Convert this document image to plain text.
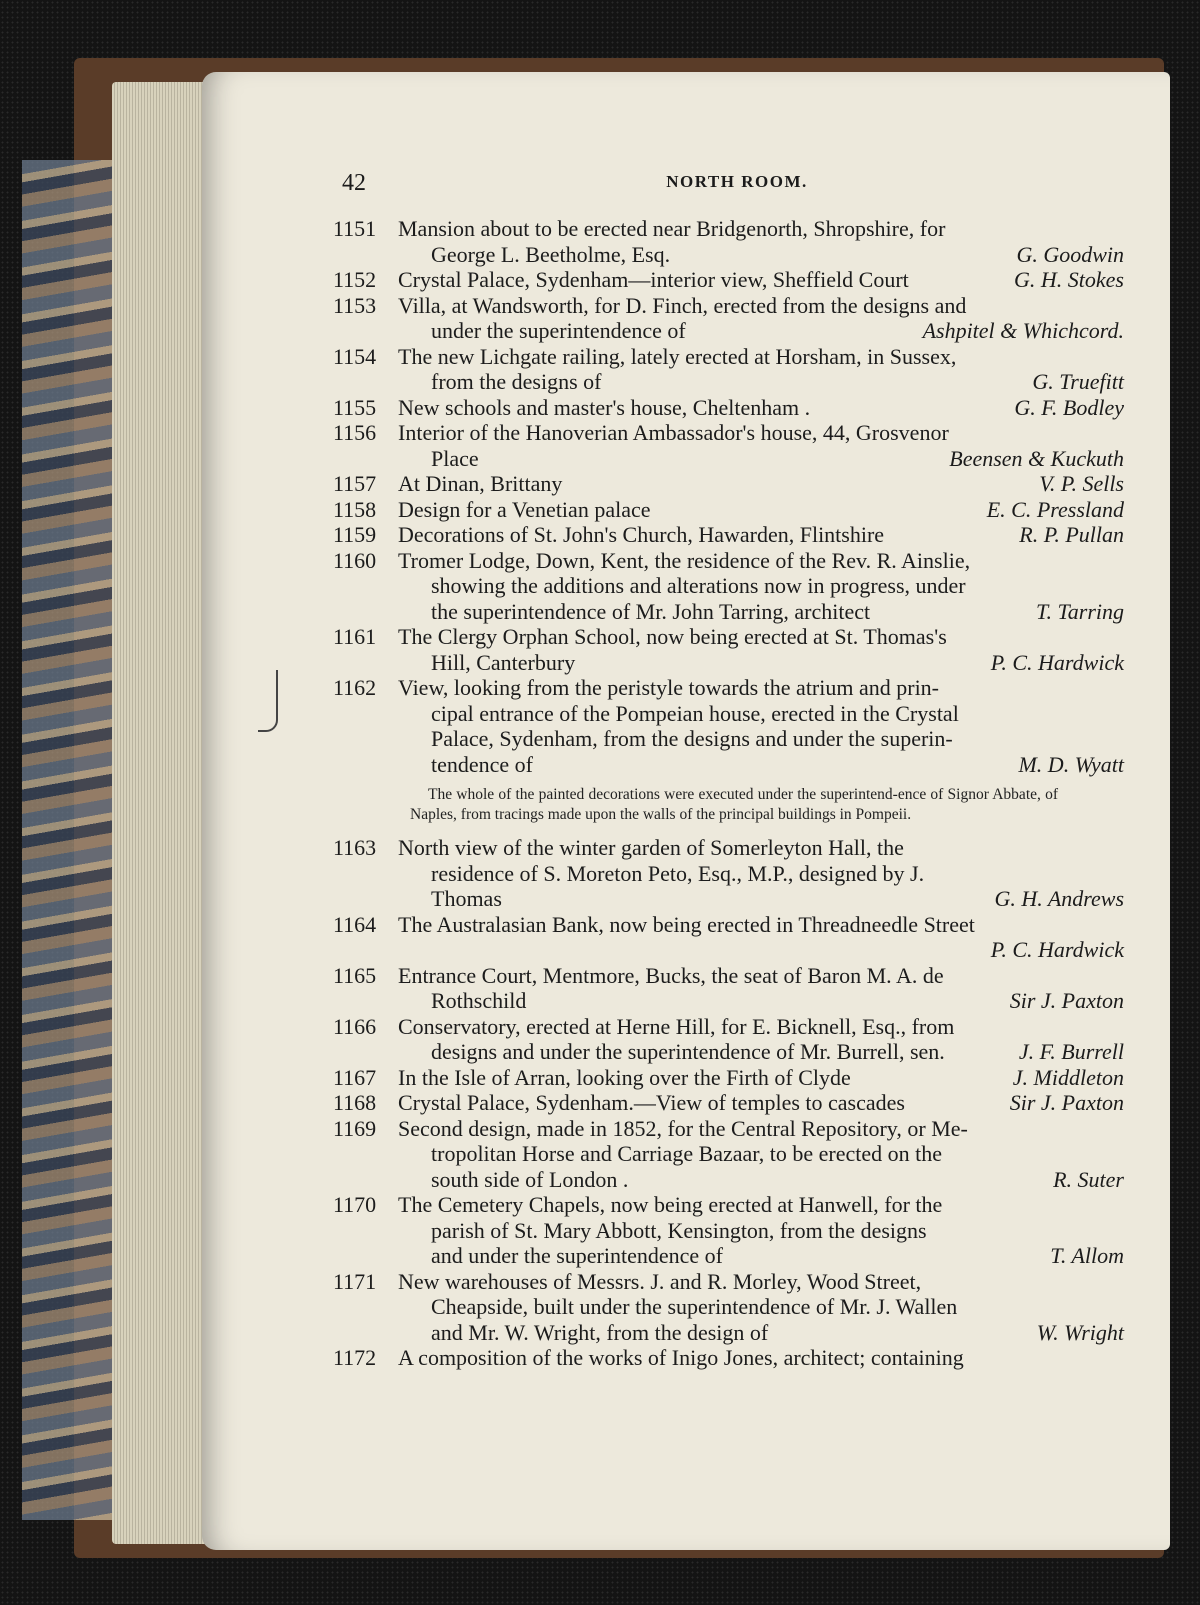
42	NORTH ROOM.
1151 Mansion about to be erected near Bridgenorth, Shropshire, for
George L. Beetholme, Esq.	G. Goodwin
1152 Crystal Palace, Sydenham—interior view, Sheffield Court	G. H. Stokes
1153 Villa, at Wandsworth, for D. Finch, erected from the designs and
under the superintendence of	Ashpitel & Whichcord.
1154 The new Lichgate railing, lately erected at Horsham, in Sussex,
from the designs of	G. Truefitt
1155 New schools and master's house, Cheltenham .	G. F. Bodley
1156 Interior of the Hanoverian Ambassador's house, 44, Grosvenor
Place	Beensen & Kuckuth
1157 At Dinan, Brittany	V. P. Sells
1158 Design for a Venetian palace	E. C. Pressland
1159 Decorations of St. John's Church, Hawarden, Flintshire	R. P. Pullan
1160 Tromer Lodge, Down, Kent, the residence of the Rev. R. Ainslie,
showing the additions and alterations now in progress, under
the superintendence of Mr. John Tarring, architect	T. Tarring
1161 The Clergy Orphan School, now being erected at St. Thomas's
Hill, Canterbury	P. C. Hardwick
1162 View, looking from the peristyle towards the atrium and prin-
cipal entrance of the Pompeian house, erected in the Crystal
Palace, Sydenham, from the designs and under the superin-
tendence of	M. D. Wyatt
The whole of the painted decorations were executed under the superintend-ence of Signor Abbate, of Naples, from tracings made upon the walls of the principal buildings in Pompeii.
1163 North view of the winter garden of Somerleyton Hall, the
residence of S. Moreton Peto, Esq., M.P., designed by J.
Thomas	G. H. Andrews
1164 The Australasian Bank, now being erected in Threadneedle Street
P. C. Hardwick
1165 Entrance Court, Mentmore, Bucks, the seat of Baron M. A. de
Rothschild	Sir J. Paxton
1166 Conservatory, erected at Herne Hill, for E. Bicknell, Esq., from
designs and under the superintendence of Mr. Burrell, sen.	J. F. Burrell
1167 In the Isle of Arran, looking over the Firth of Clyde	J. Middleton
1168 Crystal Palace, Sydenham.—View of temples to cascades	Sir J. Paxton
1169 Second design, made in 1852, for the Central Repository, or Me-
tropolitan Horse and Carriage Bazaar, to be erected on the
south side of London .	R. Suter
1170 The Cemetery Chapels, now being erected at Hanwell, for the
parish of St. Mary Abbott, Kensington, from the designs
and under the superintendence of	T. Allom
1171 New warehouses of Messrs. J. and R. Morley, Wood Street,
Cheapside, built under the superintendence of Mr. J. Wallen
and Mr. W. Wright, from the design of	W. Wright
1172 A composition of the works of Inigo Jones, architect; containing
